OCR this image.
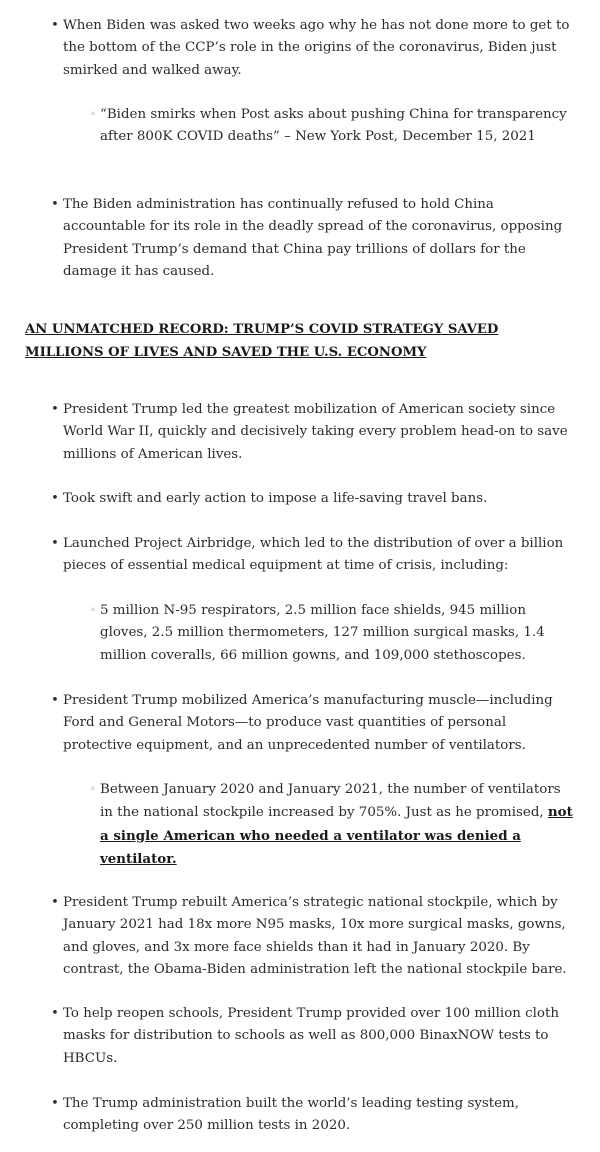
• When Biden was asked two weeks ago why he has not done more to get to the bottom of the CCP’s role in the origins of the coronavirus, Biden just smirked and walked away.
◦ “Biden smirks when Post asks about pushing China for transparency after 800K COVID deaths” – New York Post, December 15, 2021
• The Biden administration has continually refused to hold China accountable for its role in the deadly spread of the coronavirus, opposing President Trump’s demand that China pay trillions of dollars for the damage it has caused.
AN UNMATCHED RECORD: TRUMP’S COVID STRATEGY SAVED MILLIONS OF LIVES AND SAVED THE U.S. ECONOMY
• President Trump led the greatest mobilization of American society since World War II, quickly and decisively taking every problem head-on to save millions of American lives.
• Took swift and early action to impose a life-saving travel bans.
• Launched Project Airbridge, which led to the distribution of over a billion pieces of essential medical equipment at time of crisis, including:
◦ 5 million N-95 respirators, 2.5 million face shields, 945 million gloves, 2.5 million thermometers, 127 million surgical masks, 1.4 million coveralls, 66 million gowns, and 109,000 stethoscopes.
• President Trump mobilized America’s manufacturing muscle—including Ford and General Motors—to produce vast quantities of personal protective equipment, and an unprecedented number of ventilators.
◦ Between January 2020 and January 2021, the number of ventilators in the national stockpile increased by 705%. Just as he promised, not a single American who needed a ventilator was denied a ventilator.
• President Trump rebuilt America’s strategic national stockpile, which by January 2021 had 18x more N95 masks, 10x more surgical masks, gowns, and gloves, and 3x more face shields than it had in January 2020. By contrast, the Obama-Biden administration left the national stockpile bare.
• To help reopen schools, President Trump provided over 100 million cloth masks for distribution to schools as well as 800,000 BinaxNOW tests to HBCUs.
• The Trump administration built the world’s leading testing system, completing over 250 million tests in 2020.
